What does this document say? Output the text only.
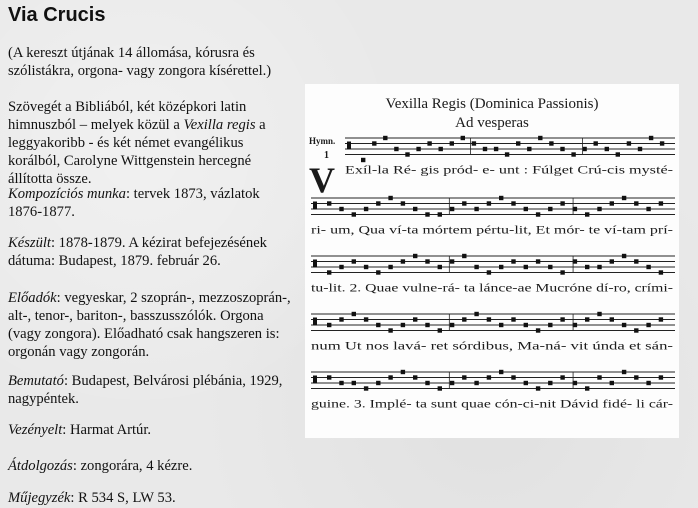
Via Crucis

(A kereszt útjának 14 állomása, kórusra és szólistákra, orgona- vagy zongora kísérettel.)

Szövegét a Bibliából, két középkori latin himnuszból – melyek közül a Vexilla regis a leggyakoribb - és két német evangélikus korálból, Carolyne Wittgenstein hercegné állította össze.

Kompozíciós munka: tervek 1873, vázlatok 1876-1877.

Készült: 1878-1879. A kézirat befejezésének dátuma: Budapest, 1879. február 26.

Előadók: vegyeskar, 2 szoprán-, mezzoszoprán-, alt-, tenor-, bariton-, basszusszólók. Orgona (vagy zongora). Előadható csak hangszeren is: orgonán vagy zongorán.

Bemutató: Budapest, Belvárosi plébánia, 1929, nagypéntek.

Vezényelt: Harmat Artúr.

Átdolgozás: zongorára, 4 kézre.

Műjegyzék: R 534 S, LW 53.

Vexilla Regis (Dominica Passionis)
Ad vesperas
Hymn.
1
V Exíl-la Ré- gis pród- e- unt : Fúlget Crú-cis mysté-
ri- um, Qua ví-ta mórtem pértu-lit, Et mór- te ví-tam prí-
tu-lit. 2. Quae vulne-rá- ta lánce-ae Mucróne dí-ro, crími-
num Ut nos lavá- ret sórdibus, Ma-ná- vit únda et sán-
guine. 3. Implé- ta sunt quae cón-ci-nit Dávid fidé- li cár-
